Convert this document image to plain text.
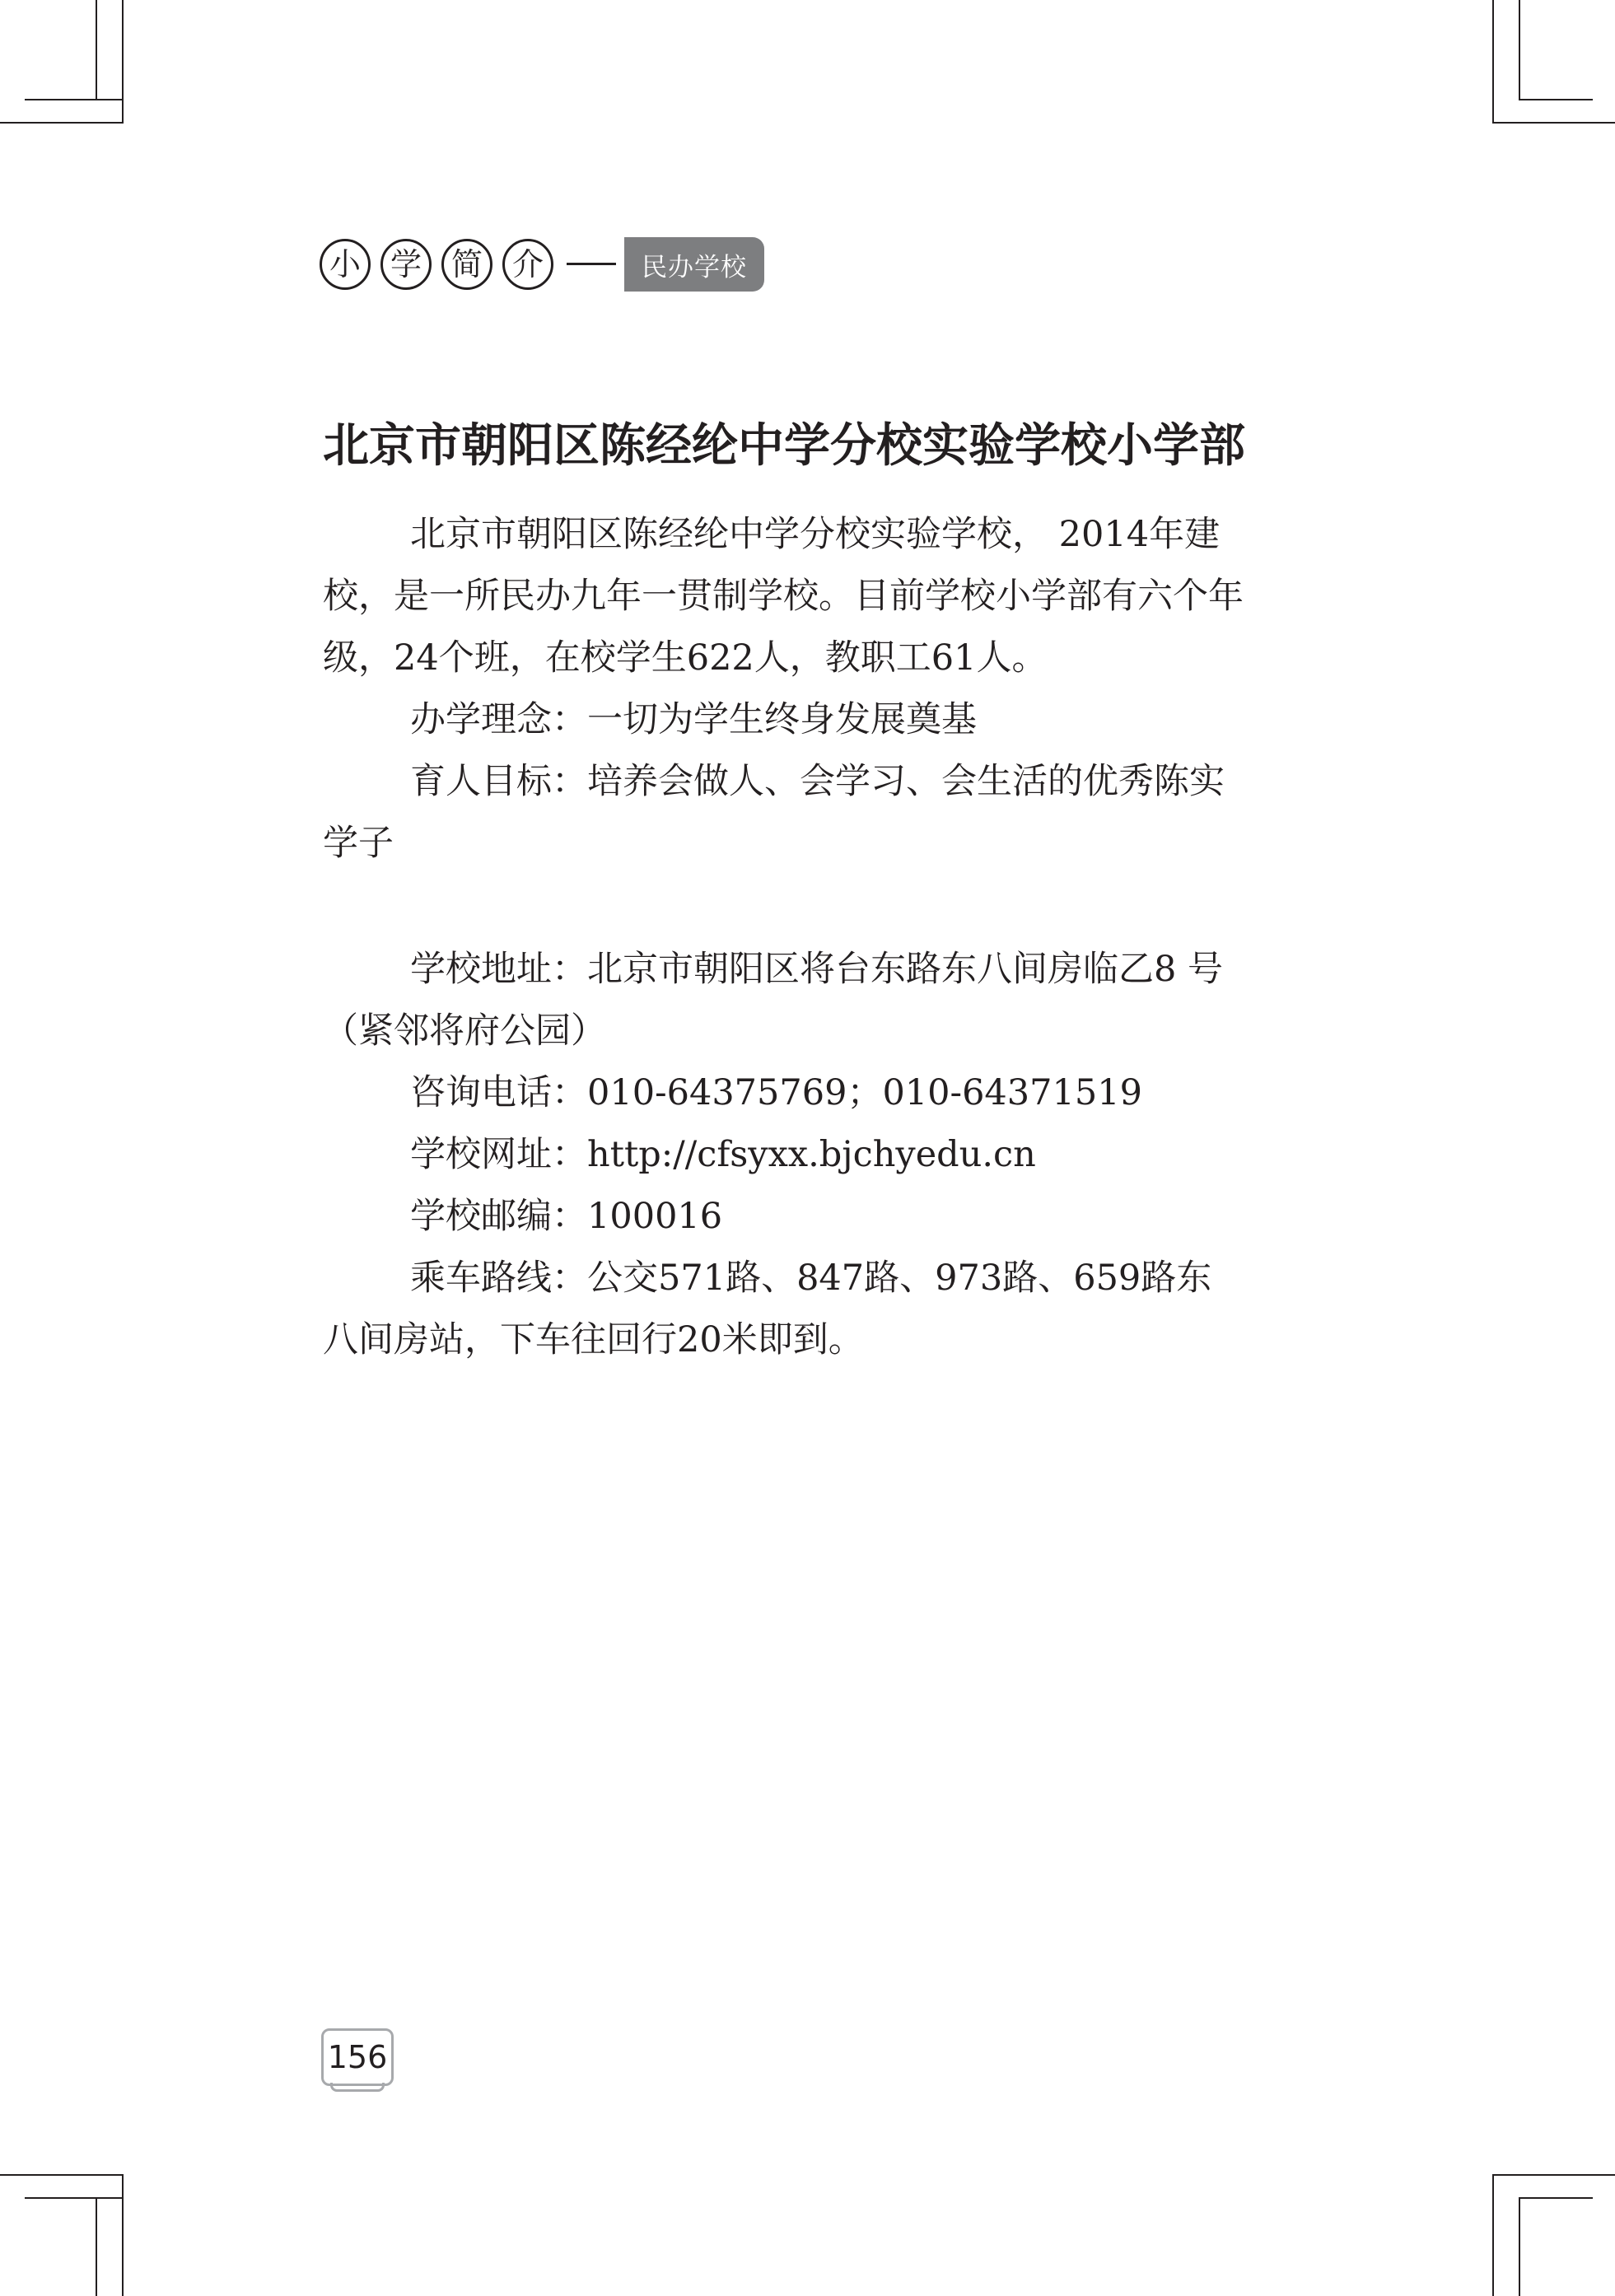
小 学 简 介	民办学校
北京市朝阳区陈经纶中学分校实验学校小学部

北京市朝阳区陈经纶中学分校实验学校， 2014年建校，是一所民办九年一贯制学校。目前学校小学部有六个年级，24个班，在校学生622人，教职工61人。

办学理念：一切为学生终身发展奠基

育人目标：培养会做人、会学习、会生活的优秀陈实学子

学校地址：北京市朝阳区将台东路东八间房临乙8 号（紧邻将府公园）

咨询电话：010-64375769；010-64371519

学校网址：http://cfsyxx.bjchyedu.cn

学校邮编：100016

乘车路线：公交571路、847路、973路、659路东八间房站，下车往回行20米即到。

156
